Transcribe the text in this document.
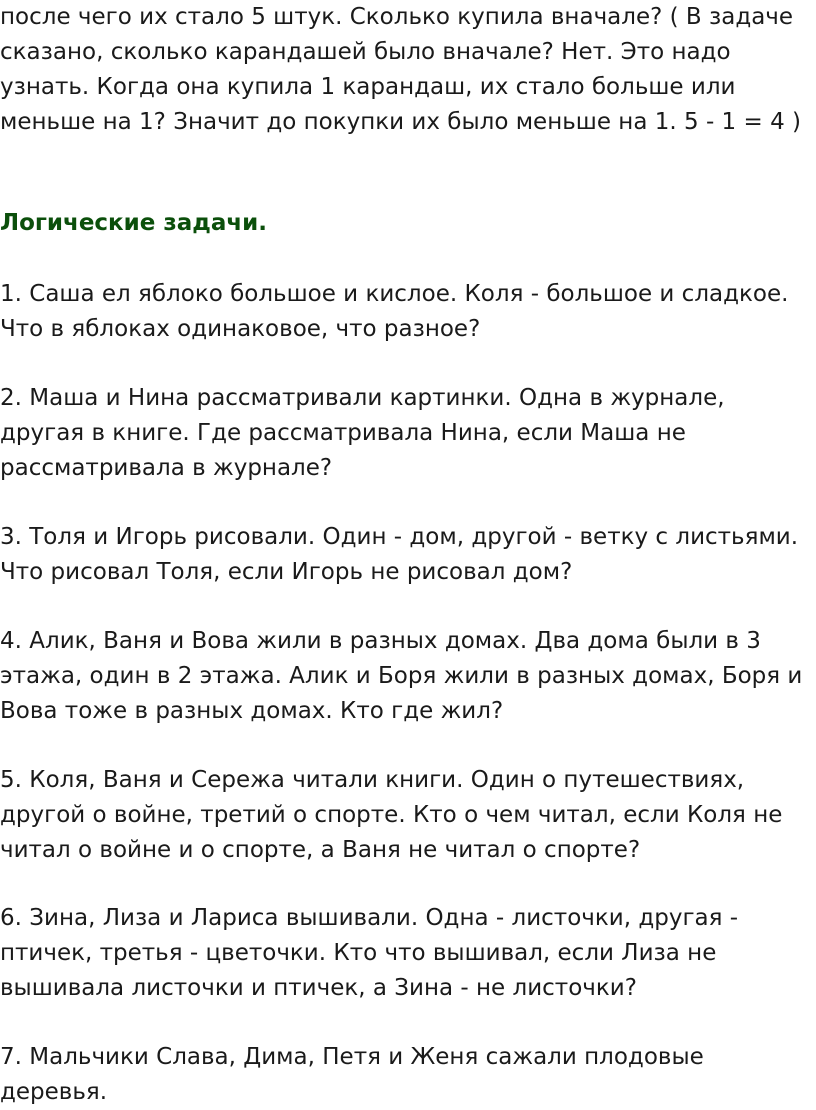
после чего их стало 5 штук. Сколько купила вначале? ( В задаче сказано, сколько карандашей было вначале? Нет. Это надо узнать. Когда она купила 1 карандаш, их стало больше или меньше на 1? Значит до покупки их было меньше на 1. 5 - 1 = 4 )

Логические задачи.

1. Саша ел яблоко большое и кислое. Коля - большое и сладкое. Что в яблоках одинаковое, что разное?

2. Маша и Нина рассматривали картинки. Одна в журнале, другая в книге. Где рассматривала Нина, если Маша не рассматривала в журнале?

3. Толя и Игорь рисовали. Один - дом, другой - ветку с листьями. Что рисовал Толя, если Игорь не рисовал дом?

4. Алик, Ваня и Вова жили в разных домах. Два дома были в 3 этажа, один в 2 этажа. Алик и Боря жили в разных домах, Боря и Вова тоже в разных домах. Кто где жил?

5. Коля, Ваня и Сережа читали книги. Один о путешествиях, другой о войне, третий о спорте. Кто о чем читал, если Коля не читал о войне и о спорте, а Ваня не читал о спорте?

6. Зина, Лиза и Лариса вышивали. Одна - листочки, другая - птичек, третья - цветочки. Кто что вышивал, если Лиза не вышивала листочки и птичек, а Зина - не листочки?

7. Мальчики Слава, Дима, Петя и Женя сажали плодовые деревья.
